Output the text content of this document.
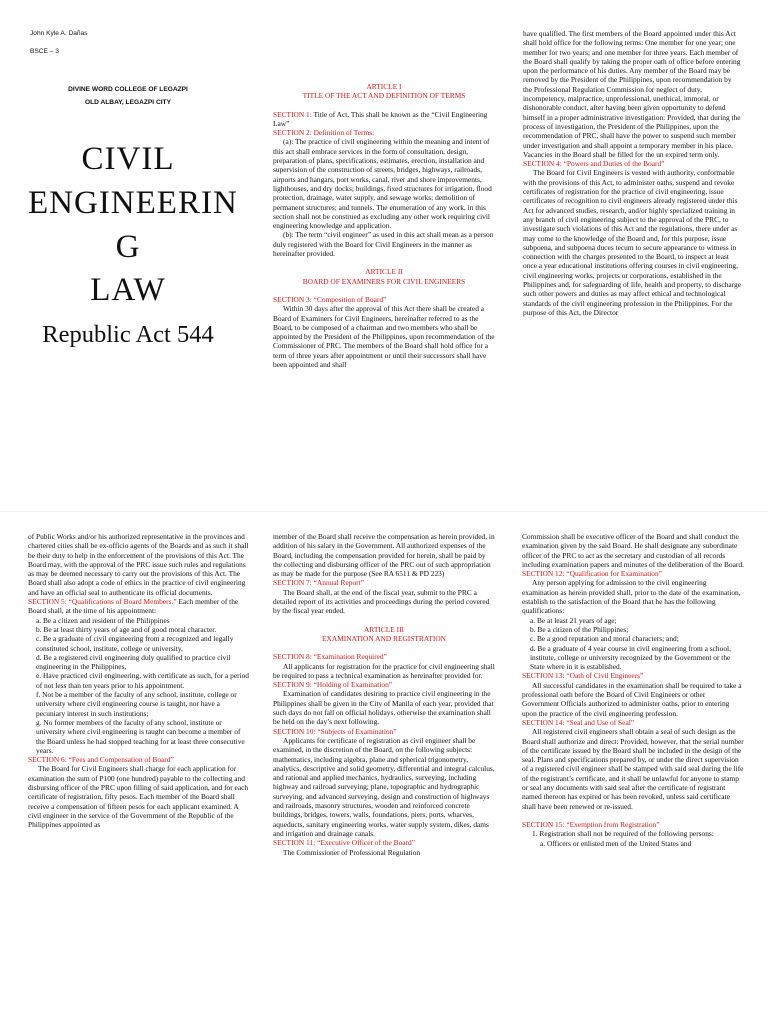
John Kyle A. Dañas
BSCE – 3
DIVINE WORD COLLEGE OF LEGAZPI
OLD ALBAY, LEGAZPI CITY
CIVIL
ENGINEERIN
G
LAW
Republic Act 544

ARTICLE I

TITLE OF THE ACT AND DEFINITION OF TERMS

SECTION 1: Title of Act. This shall be known as the “Civil Engineering Law”

SECTION 2: Definition of Terms:

(a): The practice of civil engineering within the meaning and intent of this act shall embrace services in the form of consultation, design, preparation of plans, specifications, estimates, erection, installation and supervision of the construction of streets, bridges, highways, railroads, airports and hangars, port works, canal, river and shore improvements, lighthouses, and dry docks; buildings, fixed structures for irrigation, flood protection, drainage, water supply, and sewage works; demolition of permanent structures; and tunnels. The enumeration of any work, in this section shall not be construed as excluding any other work requiring civil engineering knowledge and application.

(b): The term “civil engineer” as used in this act shall mean as a person duly registered with the Board for Civil Engineers in the manner as hereinafter provided.

ARTICLE II

BOARD OF EXAMINERS FOR CIVIL ENGINEERS

SECTION 3: “Composition of Board”

Within 30 days after the approval of this Act there shall be created a Board of Examiners for Civil Engineers, hereinafter referred to as the Board, to be composed of a chairman and two members who shall be appointed by the President of the Philippines, upon recommendation of the Commissioner of PRC. The members of the Board shall hold office for a term of three years after appointment or until their successors shall have been appointed and shall

have qualified. The first members of the Board appointed under this Act shall hold office for the following terms: One member for one year; one member for two years; and one member for three years. Each member of the Board shall qualify by taking the proper oath of office before entering upon the performance of his duties. Any member of the Board may be removed by the President of the Philippines, upon recommendation by the Professional Regulation Commission for neglect of duty, incompetency, malpractice, unprofessional, unethical, immoral, or dishonorable conduct, after having been given opportunity to defend himself in a proper administrative investigation: Provided, that during the process of investigation, the President of the Philippines, upon the recommendation of PRC, shall have the power to suspend such member under investigation and shall appoint a temporary member in his place. Vacancies in the Board shall be filled for the un expired term only.

SECTION 4: “Powers and Duties of the Board”

The Board for Civil Engineers is vested with authority, conformable with the provisions of this Act, to administer oaths, suspend and revoke certificates of registration for the practice of civil engineering, issue certificates of recognition to civil engineers already registered under this Act for advanced studies, research, and/or highly specialized training in any branch of civil engineering subject to the approval of the PRC, to investigate such violations of this Act and the regulations, there under as may come to the knowledge of the Board and, for this purpose, issue subpoena, and subpoena duces tecum to secure appearance to witness in connection with the charges presented to the Board, to inspect at least once a year educational institutions offering courses in civil engineering, civil engineering works, projects or corporations, established in the Philippines and, for safeguarding of life, health and property, to discharge such other powers and duties as may affect ethical and technological standards of the civil engineering profession in the Philippines. For the purpose of this Act, the Director

of Public Works and/or his authorized representative in the provinces and chartered cities shall be ex-officio agents of the Boards and as such it shall be their duty to help in the enforcement of the provisions of this Act. The Board may, with the approval of the PRC issue such rules and regulations as may be deemed necessary to carry out the provisions of this Act. The Board shall also adopt a code of ethics in the practice of civil engineering and have an official seal to authenticate its official documents.

SECTION 5: “Qualifications of Board Members.” Each member of the Board shall, at the time of his appointment:

a. Be a citizen and resident of the Philippines

b. Be at least thirty years of age and of good moral character.

c. Be a graduate of civil engineering from a recognized and legally constituted school, institute, college or university,

d. Be a registered civil engineering duly qualified to practice civil engineering in the Philippines,

e. Have practiced civil engineering, with certificate as such, for a period of not less than ten years prior to his appointment.

f. Not be a member of the faculty of any school, institute, college or university where civil engineering course is taught, nor have a pecuniary interest in such institutions;

g. No former members of the faculty of any school, institute or university where civil engineering is taught can become a member of the Board unless he had stopped teaching for at least three consecutive years.

SECTION 6: “Fees and Compensation of Board”

The Board for Civil Engineers shall charge for each application for examination the sum of P100 (one hundred) payable to the collecting and disbursing officer of the PRC upon filling of said application, and for each certificate of registration, fifty pesos. Each member of the Board shall receive a compensation of fifteen pesos for each applicant examined. A civil engineer in the service of the Government of the Republic of the Philippines appointed as

member of the Board shall receive the compensation as herein provided, in addition of his salary in the Government. All authorized expenses of the Board, including the compensation provided for herein, shall be paid by the collecting and disbursing officer of the PRC out of such appropriation as may be made for the purpose (See RA 6511 & PD 223)

SECTION 7: “Annual Report”

The Board shall, at the end of the fiscal year, submit to the PRC a detailed report of its activities and proceedings during the period covered by the fiscal year ended.

ARTICLE III

EXAMINATION AND REGISTRATION

SECTION 8: “Examination Required”

All applicants for registration for the practice for civil engineering shall be required to pass a technical examination as hereinafter provided for.

SECTION 9: “Holding of Examination”

Examination of candidates desiring to practice civil engineering in the Philippines shall be given in the City of Manila of each year, provided that such days do not fall on official holidays, otherwise the examination shall be held on the day’s next following.

SECTION 10: “Subjects of Examination”

Applicants for certificate of registration as civil engineer shall be examined, in the discretion of the Board, on the following subjects: mathematics, including algebra, plane and spherical trigonometry, analytics, descriptive and solid geometry, differential and integral calculus, and rational and applied mechanics, hydraulics, surveying, including highway and railroad surveying; plane, topographic and hydrographic surveying, and advanced surveying, design and construction of highways and railroads, masonry structures, wooden and reinforced concrete buildings, bridges, towers, walls, foundations, piers, ports, wharves, aqueducts, sanitary engineering works, water supply system, dikes, dams and irrigation and drainage canals.

SECTION 11: “Executive Officer of the Board”

The Commissioner of Professional Regulation

Commission shall be executive officer of the Board and shall conduct the examination given by the said Board. He shall designate any subordinate officer of the PRC to act as the secretary and custodian of all records including examination papers and minutes of the deliberation of the Board.

SECTION 12: “Qualification for Examination”

Any person applying for admission to the civil engineering examination as herein provided shall, prior to the date of the examination, establish to the satisfaction of the Board that he has the following qualifications:

a. Be at least 21 years of age;

b. Be a citizen of the Philippines;

c. Be a good reputation and moral characters; and;

d. Be a graduate of 4 year course in civil engineering from a school, institute, college or university recognized by the Government or the State where in it is established.

SECTION 13: “Oath of Civil Engineers”

All successful candidates in the examination shall be required to take a professional oath before the Board of Civil Engineers or other Government Officials authorized to administer oaths, prior to entering upon the practice of the civil engineering profession.

SECTION 14: “Seal and Use of Seal”

All registered civil engineers shall obtain a seal of such design as the Board shall authorize and direct: Provided, however, that the serial number of the certificate issued by the Board shall be included in the design of the seal. Plans and specifications prepared by, or under the direct supervision of a registered civil engineer shall be stamped with said seal during the life of the registrant’s certificate, and it shall be unlawful for anyone to stamp or seal any documents with said seal after the certificate of registrant named thereon has expired or has been revoked, unless said certificate shall have been renewed or re-issued.

SECTION 15: “Exemption from Registration”

1. Registration shall not be required of the following persons:

a. Officers or enlisted men of the United States and
